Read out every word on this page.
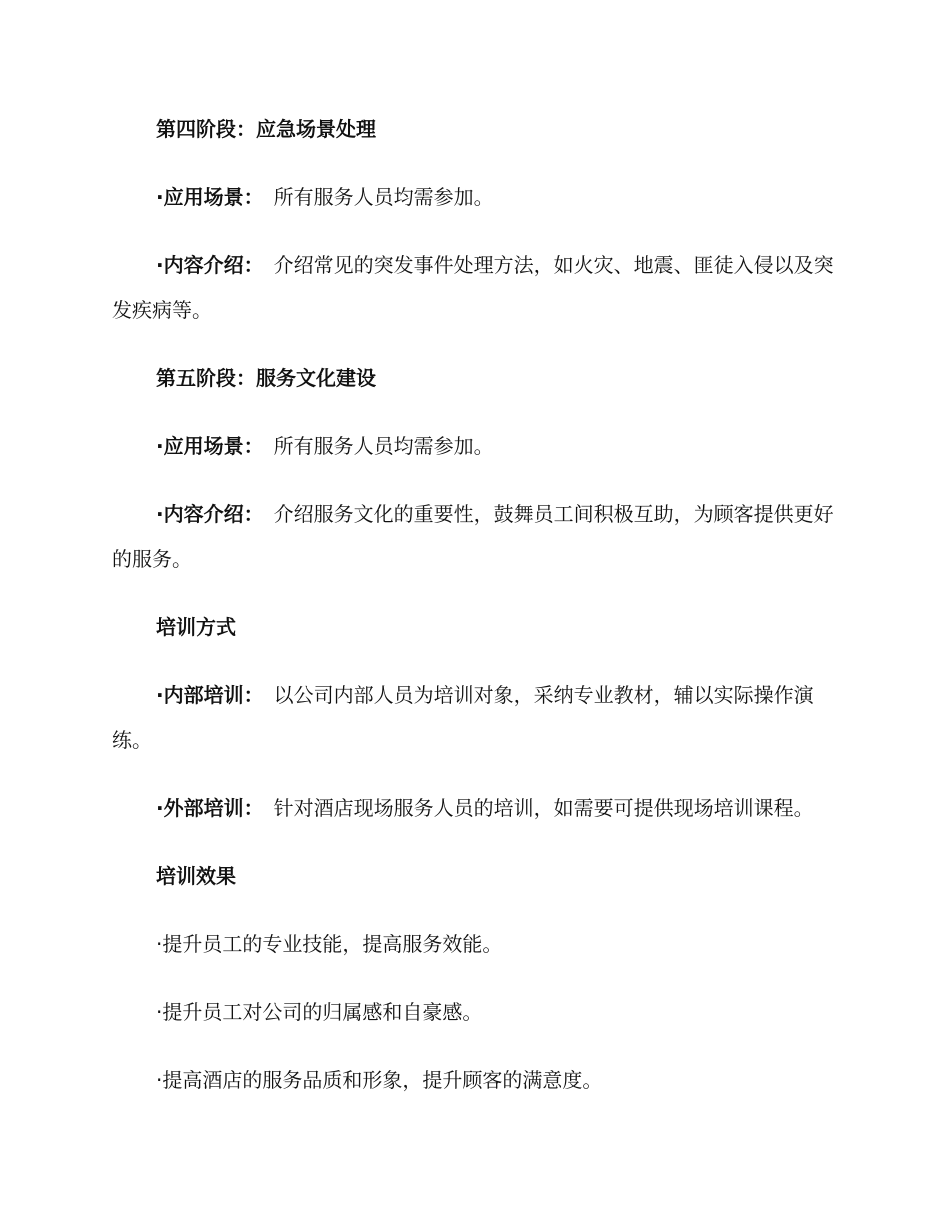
第四阶段：应急场景处理

·应用场景： 所有服务人员均需参加。

·内容介绍： 介绍常见的突发事件处理方法，如火灾、地震、匪徒入侵以及突发疾病等。

第五阶段：服务文化建设

·应用场景： 所有服务人员均需参加。

·内容介绍： 介绍服务文化的重要性，鼓舞员工间积极互助，为顾客提供更好的服务。

培训方式

·内部培训： 以公司内部人员为培训对象，采纳专业教材，辅以实际操作演练。

·外部培训： 针对酒店现场服务人员的培训，如需要可提供现场培训课程。

培训效果

·提升员工的专业技能，提高服务效能。

·提升员工对公司的归属感和自豪感。

·提高酒店的服务品质和形象，提升顾客的满意度。
